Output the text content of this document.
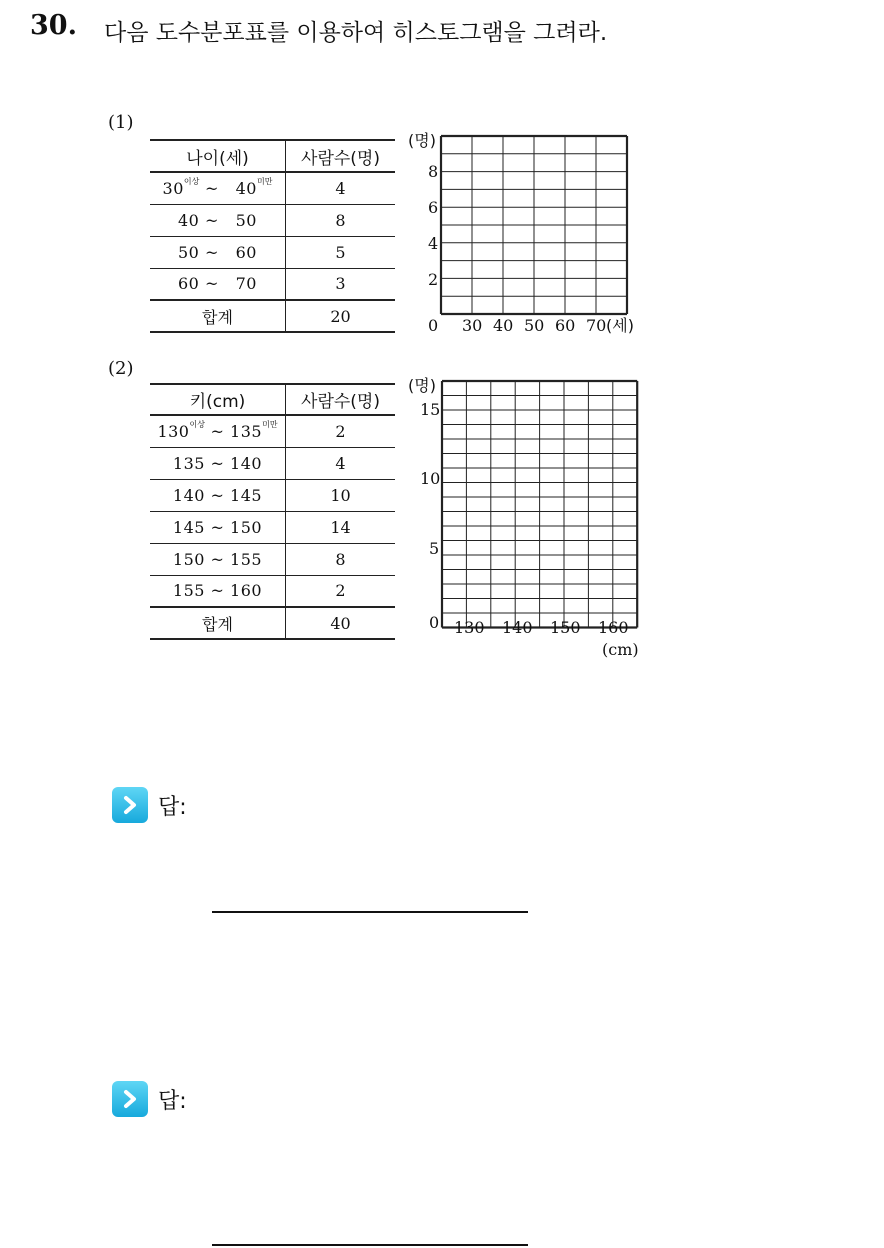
30. 다음 도수분포표를 이용하여 히스토그램을 그려라.
(1)
나이(세)	사람수(명)
$30^{이상}$ ~ $40^{미만}$	4
40 ~ 50	8
50 ~ 60	5
60 ~ 70	3
합계	20
(명)
8
6
4
2
0 30 40 50 60 70 (세)
(2)
키(cm)	사람수(명)
$130^{이상}$ ~ $135^{미만}$	2
135 ~ 140	4
140 ~ 145	10
145 ~ 150	14
150 ~ 155	8
155 ~ 160	2
합계	40
(명)
15
10
5
0 130 140 150 160
(cm)
답:
답:
